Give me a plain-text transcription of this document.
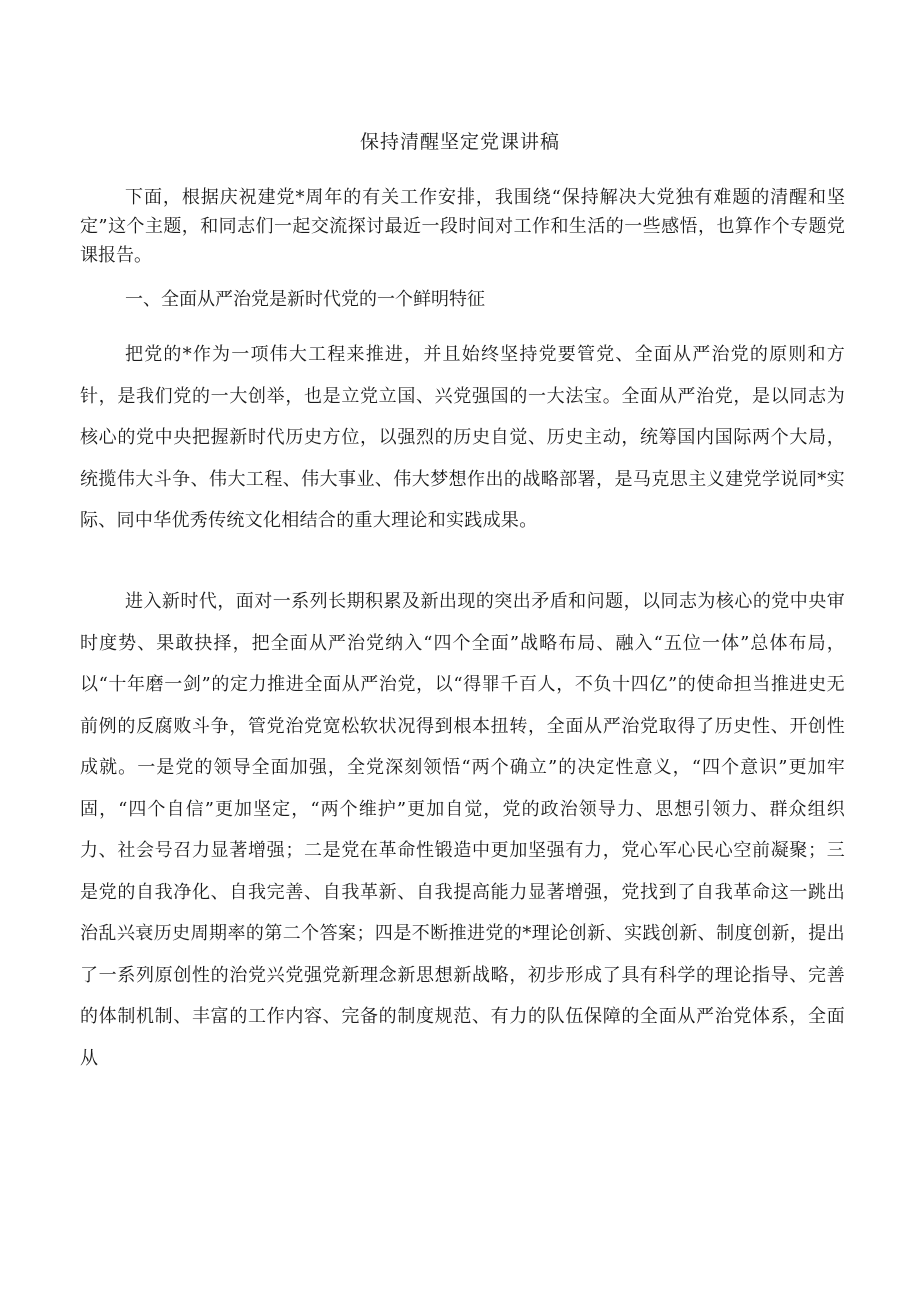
保持清醒坚定党课讲稿

下面，根据庆祝建党*周年的有关工作安排，我围绕“保持解决大党独有难题的清醒和坚定”这个主题，和同志们一起交流探讨最近一段时间对工作和生活的一些感悟，也算作个专题党课报告。

一、全面从严治党是新时代党的一个鲜明特征

把党的*作为一项伟大工程来推进，并且始终坚持党要管党、全面从严治党的原则和方针，是我们党的一大创举，也是立党立国、兴党强国的一大法宝。全面从严治党，是以同志为核心的党中央把握新时代历史方位，以强烈的历史自觉、历史主动，统筹国内国际两个大局，统揽伟大斗争、伟大工程、伟大事业、伟大梦想作出的战略部署，是马克思主义建党学说同*实际、同中华优秀传统文化相结合的重大理论和实践成果。

进入新时代，面对一系列长期积累及新出现的突出矛盾和问题，以同志为核心的党中央审时度势、果敢抉择，把全面从严治党纳入“四个全面”战略布局、融入“五位一体”总体布局，以“十年磨一剑”的定力推进全面从严治党，以“得罪千百人，不负十四亿”的使命担当推进史无前例的反腐败斗争，管党治党宽松软状况得到根本扭转，全面从严治党取得了历史性、开创性成就。一是党的领导全面加强，全党深刻领悟“两个确立”的决定性意义，“四个意识”更加牢固，“四个自信”更加坚定，“两个维护”更加自觉，党的政治领导力、思想引领力、群众组织力、社会号召力显著增强；二是党在革命性锻造中更加坚强有力，党心军心民心空前凝聚；三是党的自我净化、自我完善、自我革新、自我提高能力显著增强，党找到了自我革命这一跳出治乱兴衰历史周期率的第二个答案；四是不断推进党的*理论创新、实践创新、制度创新，提出了一系列原创性的治党兴党强党新理念新思想新战略，初步形成了具有科学的理论指导、完善的体制机制、丰富的工作内容、完备的制度规范、有力的队伍保障的全面从严治党体系，全面从
